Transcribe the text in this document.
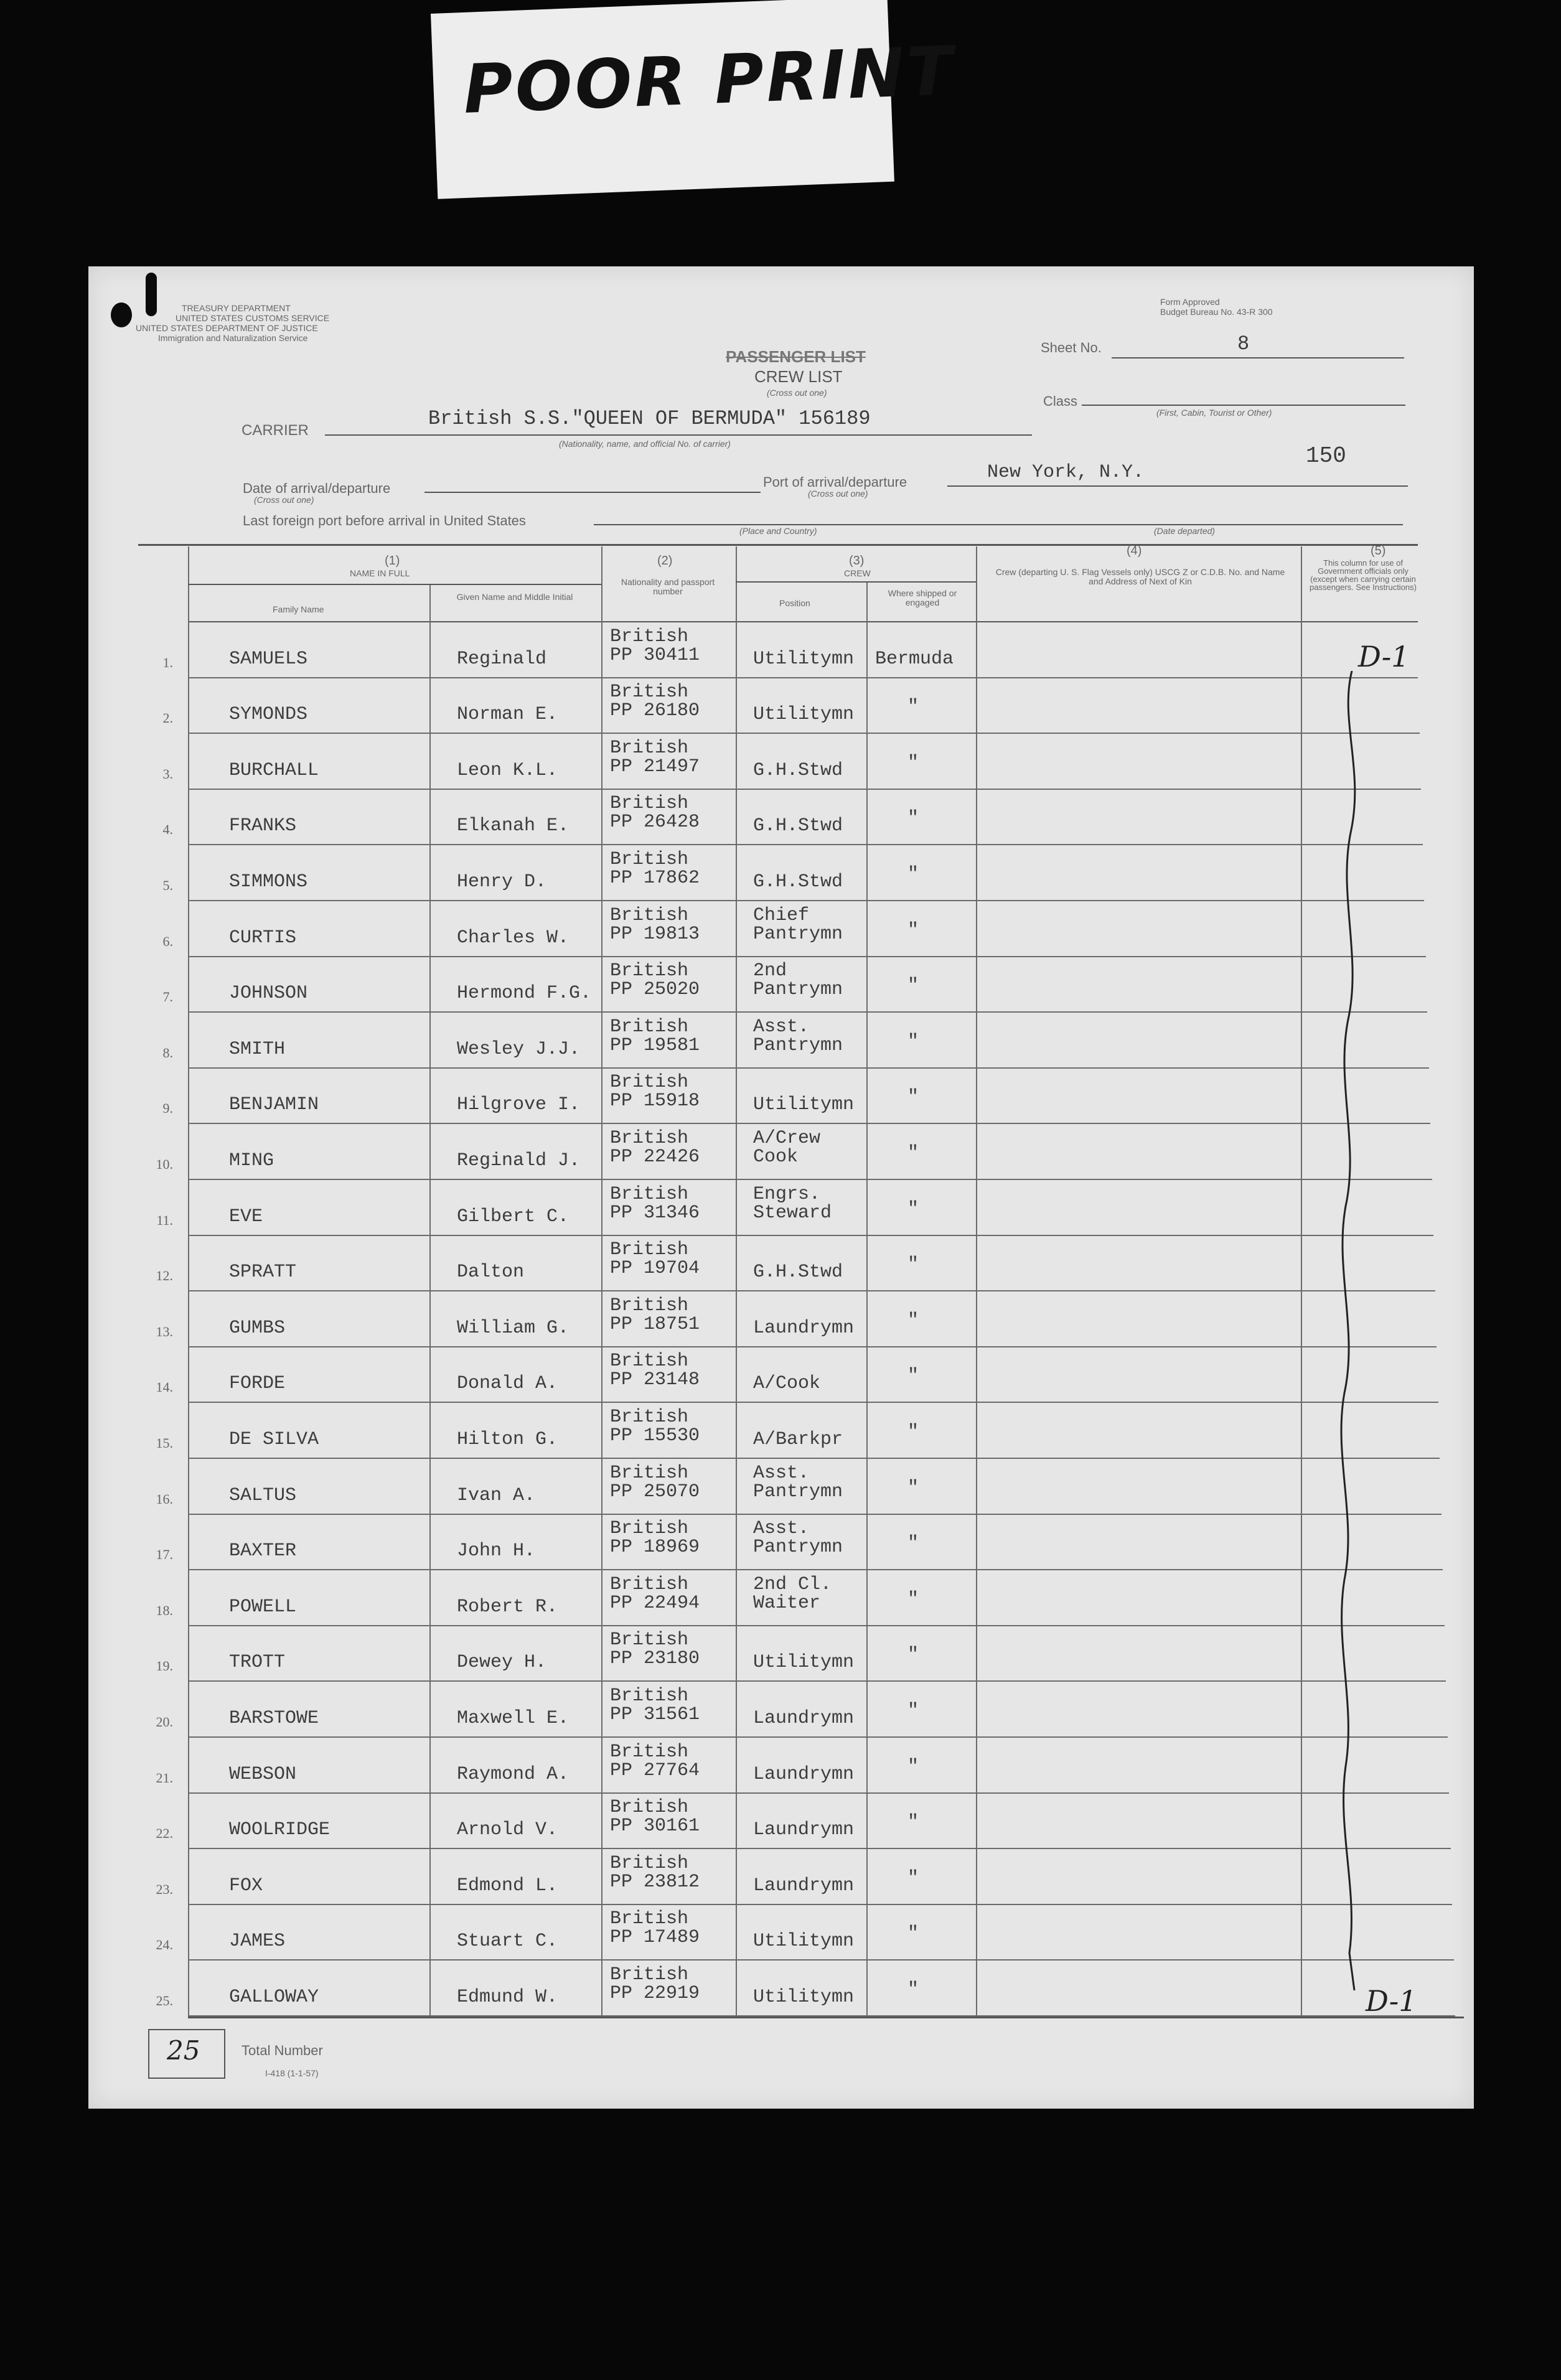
POOR PRINT
TREASURY DEPARTMENT
UNITED STATES CUSTOMS SERVICE
UNITED STATES DEPARTMENT OF JUSTICE
Immigration and Naturalization Service
Form Approved
Budget Bureau No. 43-R 300
PASSENGER LIST
CREW LIST
(Cross out one)
Sheet No.	8
Class
(First, Cabin, Tourist or Other)
CARRIER
British S.S."QUEEN OF BERMUDA" 156189
(Nationality, name, and official No. of carrier)	150
Date of arrival/departure
(Cross out one)
Port of arrival/departure
(Cross out one)
New York, N.Y.
Last foreign port before arrival in United States
(Place and Country)	(Date departed)
(1)
NAME IN FULL
Family Name
Given Name and Middle Initial
(2)
Nationality and passport number
(3)
CREW
Position
Where shipped or engaged
(4)
Crew (departing U. S. Flag Vessels only) USCG Z or C.D.B. No. and Name and Address of Next of Kin
(5)
This column for use of Government officials only (except when carrying certain passengers. See Instructions)
1.	SAMUELS	Reginald
British
PP 30411	Utilitymn Bermuda
2.	SYMONDS	Norman E.
British
PP 26180	Utilitymn	"
3.	BURCHALL	Leon K.L.
British
PP 21497	G.H.Stwd	"
4.	FRANKS	Elkanah E.
British
PP 26428	G.H.Stwd	"
5.	SIMMONS	Henry D.
British
PP 17862	G.H.Stwd	"
6.	CURTIS	Charles W.
British
PP 19813
Chief
Pantrymn	"
7.	JOHNSON	Hermond F.G.
British
PP 25020
2nd
Pantrymn	"
8.	SMITH	Wesley J.J.
British
PP 19581
Asst.
Pantrymn	"
9.	BENJAMIN	Hilgrove I.
British
PP 15918	Utilitymn	"
10.	MING	Reginald J.
British
PP 22426
A/Crew
Cook	"
11.	EVE	Gilbert C.
British
PP 31346
Engrs.
Steward	"
12.	SPRATT	Dalton
British
PP 19704	G.H.Stwd	"
13.	GUMBS	William G.
British
PP 18751	Laundrymn	"
14.	FORDE	Donald A.
British
PP 23148	A/Cook	"
15.	DE SILVA	Hilton G.
British
PP 15530	A/Barkpr	"
16.	SALTUS	Ivan A.
British
PP 25070
Asst.
Pantrymn	"
17.	BAXTER	John H.
British
PP 18969
Asst.
Pantrymn	"
18.	POWELL	Robert R.
British
PP 22494
2nd Cl.
Waiter	"
19.	TROTT	Dewey H.
British
PP 23180	Utilitymn	"
20.	BARSTOWE	Maxwell E.
British
PP 31561	Laundrymn	"
21.	WEBSON	Raymond A.
British
PP 27764	Laundrymn	"
22.	WOOLRIDGE	Arnold V.
British
PP 30161	Laundrymn	"
23.	FOX	Edmond L.
British
PP 23812	Laundrymn	"
24.	JAMES	Stuart C.
British
PP 17489	Utilitymn	"
25.	GALLOWAY	Edmund W.
British
PP 22919	Utilitymn	"
D-1
D-1
25	Total Number
I-418 (1-1-57)
